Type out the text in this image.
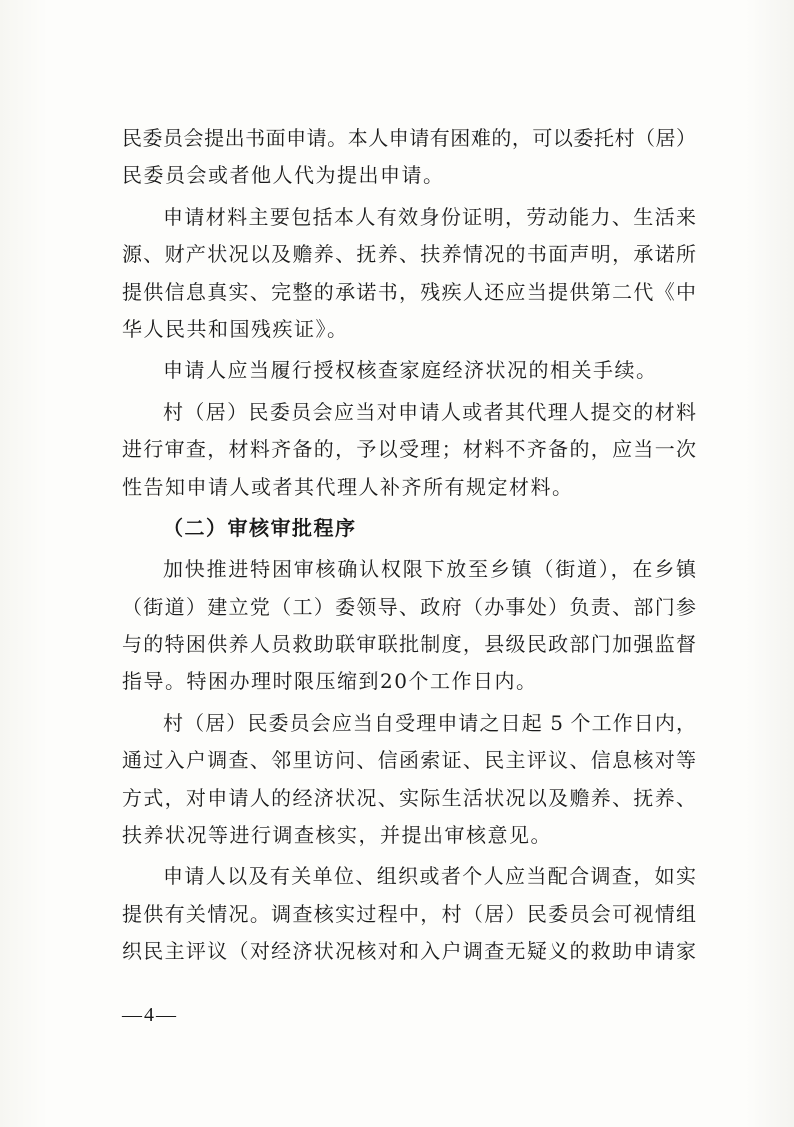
民委员会提出书面申请。本人申请有困难的，可以委托村（居）
民委员会或者他人代为提出申请。
申请材料主要包括本人有效身份证明，劳动能力、生活来
源、财产状况以及赡养、抚养、扶养情况的书面声明，承诺所
提供信息真实、完整的承诺书，残疾人还应当提供第二代《中
华人民共和国残疾证》。
申请人应当履行授权核查家庭经济状况的相关手续。
村（居）民委员会应当对申请人或者其代理人提交的材料
进行审查，材料齐备的，予以受理；材料不齐备的，应当一次
性告知申请人或者其代理人补齐所有规定材料。
（二）审核审批程序
加快推进特困审核确认权限下放至乡镇（街道），在乡镇
（街道）建立党（工）委领导、政府（办事处）负责、部门参
与的特困供养人员救助联审联批制度，县级民政部门加强监督
指导。特困办理时限压缩到20个工作日内。
村（居）民委员会应当自受理申请之日起 5 个工作日内，
通过入户调查、邻里访问、信函索证、民主评议、信息核对等
方式，对申请人的经济状况、实际生活状况以及赡养、抚养、
扶养状况等进行调查核实，并提出审核意见。
申请人以及有关单位、组织或者个人应当配合调查，如实
提供有关情况。调查核实过程中，村（居）民委员会可视情组
织民主评议（对经济状况核对和入户调查无疑义的救助申请家
—4—
